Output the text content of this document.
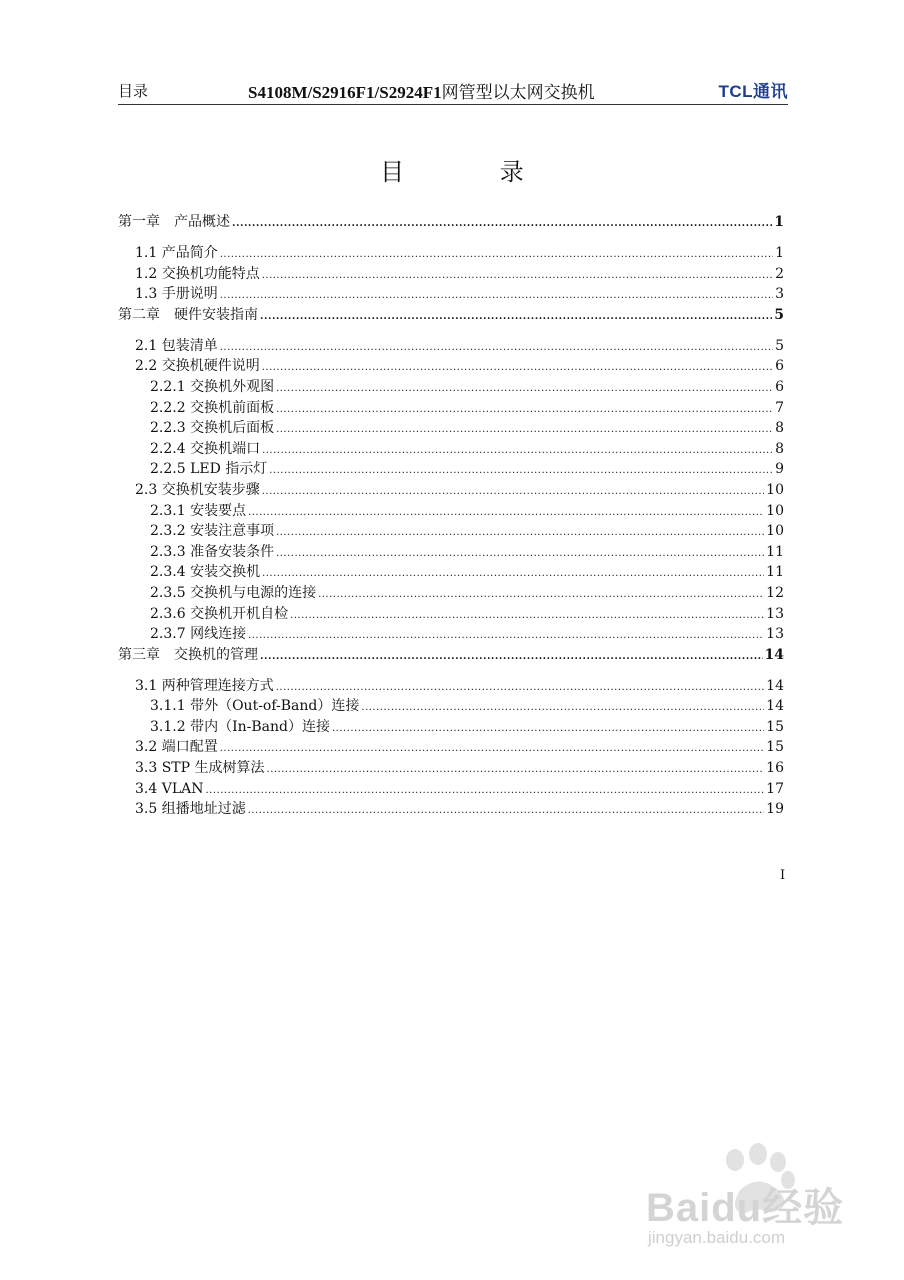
目录	S4108M/S2916F1/S2924F1网管型以太网交换机	TCL通讯
目 录
第一章　产品概述 .....	1
1.1 产品简介 .....	1
1.2 交换机功能特点 .....	2
1.3 手册说明 .....	3
第二章　硬件安装指南 .....	5
2.1 包装清单 .....	5
2.2 交换机硬件说明 .....	6
2.2.1 交换机外观图 .....	6
2.2.2 交换机前面板 .....	7
2.2.3 交换机后面板 .....	8
2.2.4 交换机端口 .....	8
2.2.5 LED 指示灯 .....	9
2.3 交换机安装步骤 .....	10
2.3.1 安装要点 .....	10
2.3.2 安装注意事项 .....	10
2.3.3 准备安装条件 .....	11
2.3.4 安装交换机 .....	11
2.3.5 交换机与电源的连接 .....	12
2.3.6 交换机开机自检 .....	13
2.3.7 网线连接 .....	13
第三章　交换机的管理 .....	14
3.1 两种管理连接方式 .....	14
3.1.1 带外（Out-of-Band）连接 .....	14
3.1.2 带内（In-Band）连接 .....	15
3.2 端口配置 .....	15
3.3 STP 生成树算法 .....	16
3.4 VLAN .....	17
3.5 组播地址过滤 .....	19
I
Baidu经验
jingyan.baidu.com
